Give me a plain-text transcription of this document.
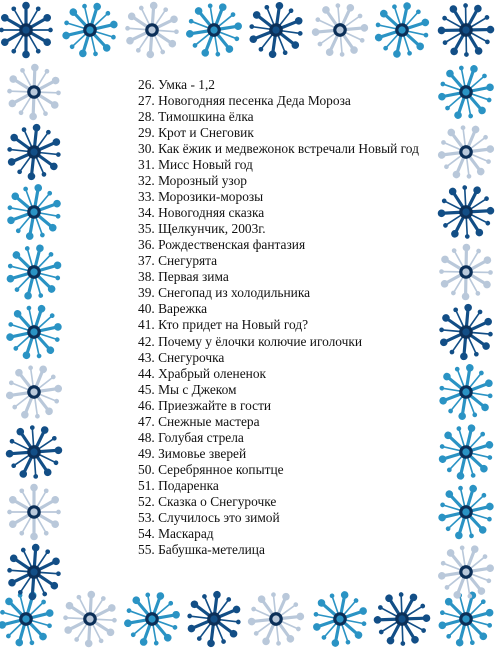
26. Умка - 1,2
27. Новогодняя песенка Деда Мороза
28. Тимошкина ёлка
29. Крот и Снеговик
30. Как ёжик и медвежонок встречали Новый год
31. Мисс Новый год
32. Морозный узор
33. Морозики-морозы
34. Новогодняя сказка
35. Щелкунчик, 2003г.
36. Рождественская фантазия
37. Снегурята
38. Первая зима
39. Снегопад из холодильника
40. Варежка
41. Кто придет на Новый год?
42. Почему у ёлочки колючие иголочки
43. Снегурочка
44. Храбрый олененок
45. Мы с Джеком
46. Приезжайте в гости
47. Снежные мастера
48. Голубая стрела
49. Зимовье зверей
50. Серебрянное копытце
51. Подаренка
52. Сказка о Снегурочке
53. Случилось это зимой
54. Маскарад
55. Бабушка-метелица
